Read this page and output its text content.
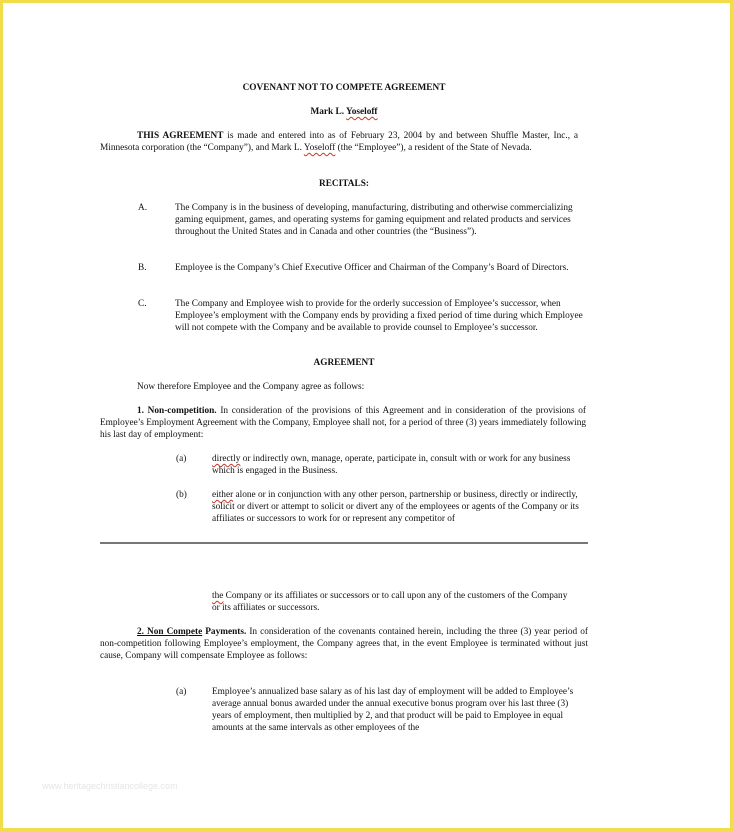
COVENANT NOT TO COMPETE AGREEMENT
Mark L. Yoseloff
THIS AGREEMENT is made and entered into as of February 23, 2004 by and between Shuffle Master, Inc., a Minnesota corporation (the “Company”), and Mark L. Yoseloff (the “Employee”), a resident of the State of Nevada.
RECITALS:
A.	The Company is in the business of developing, manufacturing, distributing and otherwise commercializing gaming equipment, games, and operating systems for gaming equipment and related products and services throughout the United States and in Canada and other countries (the “Business”).
B.	Employee is the Company’s Chief Executive Officer and Chairman of the Company’s Board of Directors.
C.	The Company and Employee wish to provide for the orderly succession of Employee’s successor, when Employee’s employment with the Company ends by providing a fixed period of time during which Employee will not compete with the Company and be available to provide counsel to Employee’s successor.
AGREEMENT
Now therefore Employee and the Company agree as follows:
1. Non-competition. In consideration of the provisions of this Agreement and in consideration of the provisions of Employee’s Employment Agreement with the Company, Employee shall not, for a period of three (3) years immediately following his last day of employment:
(a)	directly or indirectly own, manage, operate, participate in, consult with or work for any business which is engaged in the Business.
(b)	either alone or in conjunction with any other person, partnership or business, directly or indirectly, solicit or divert or attempt to solicit or divert any of the employees or agents of the Company or its affiliates or successors to work for or represent any competitor of
the Company or its affiliates or successors or to call upon any of the customers of the Company or its affiliates or successors.
2. Non Compete Payments. In consideration of the covenants contained herein, including the three (3) year period of non-competition following Employee’s employment, the Company agrees that, in the event Employee is terminated without just cause, Company will compensate Employee as follows:
(a)	Employee’s annualized base salary as of his last day of employment will be added to Employee’s average annual bonus awarded under the annual executive bonus program over his last three (3) years of employment, then multiplied by 2, and that product will be paid to Employee in equal amounts at the same intervals as other employees of the
www.heritagechristiancollege.com
